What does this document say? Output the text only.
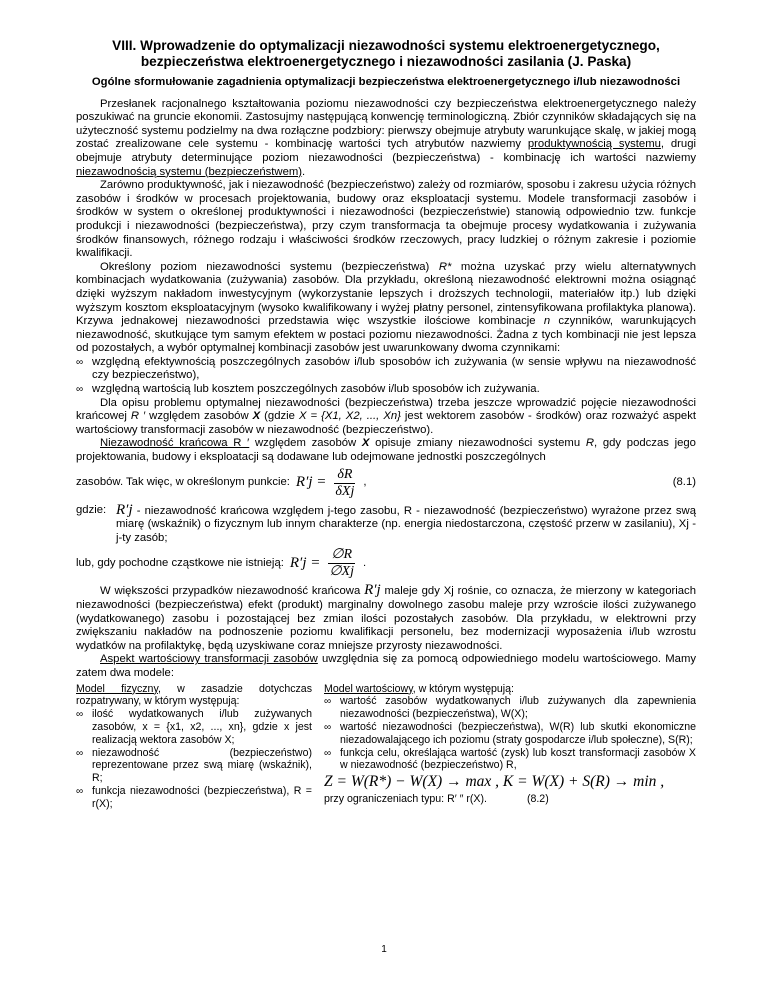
VIII. Wprowadzenie do optymalizacji niezawodności systemu elektroenergetycznego, bezpieczeństwa elektroenergetycznego i niezawodności zasilania (J. Paska)
Ogólne sformułowanie zagadnienia optymalizacji bezpieczeństwa elektroenergetycznego i/lub niezawodności

Przesłanek racjonalnego kształtowania poziomu niezawodności czy bezpieczeństwa elektroenergetycznego należy poszukiwać na gruncie ekonomii. Zastosujmy następującą konwencję terminologiczną. Zbiór czynników składających się na użyteczność systemu podzielmy na dwa rozłączne podzbiory: pierwszy obejmuje atrybuty warunkujące skalę, w jakiej mogą zostać zrealizowane cele systemu - kombinację wartości tych atrybutów nazwiemy produktywnością systemu, drugi obejmuje atrybuty determinujące poziom niezawodności (bezpieczeństwa) - kombinację ich wartości nazwiemy niezawodnością systemu (bezpieczeństwem).

Zarówno produktywność, jak i niezawodność (bezpieczeństwo) zależy od rozmiarów, sposobu i zakresu użycia różnych zasobów i środków w procesach projektowania, budowy oraz eksploatacji systemu. Modele transformacji zasobów i środków w system o określonej produktywności i niezawodności (bezpieczeństwie) stanowią odpowiednio tzw. funkcje produkcji i niezawodności (bezpieczeństwa), przy czym transformacja ta obejmuje procesy wydatkowania i zużywania środków finansowych, różnego rodzaju i właściwości środków rzeczowych, pracy ludzkiej o różnym zakresie i poziomie kwalifikacji.

Określony poziom niezawodności systemu (bezpieczeństwa) R* można uzyskać przy wielu alternatywnych kombinacjach wydatkowania (zużywania) zasobów. Dla przykładu, określoną niezawodność elektrowni można osiągnąć dzięki wyższym nakładom inwestycyjnym (wykorzystanie lepszych i droższych technologii, materiałów itp.) lub dzięki wyższym kosztom eksploatacyjnym (wysoko kwalifikowany i wyżej płatny personel, zintensyfikowana profilaktyka planowa). Krzywa jednakowej niezawodności przedstawia więc wszystkie ilościowe kombinacje n czynników, warunkujących niezawodność, skutkujące tym samym efektem w postaci poziomu niezawodności. Żadna z tych kombinacji nie jest lepsza od pozostałych, a wybór optymalnej kombinacji zasobów jest uwarunkowany dwoma czynnikami:

∞ względną efektywnością poszczególnych zasobów i/lub sposobów ich zużywania (w sensie wpływu na niezawodność czy bezpieczeństwo),
∞ względną wartością lub kosztem poszczególnych zasobów i/lub sposobów ich zużywania.

Dla opisu problemu optymalnej niezawodności (bezpieczeństwa) trzeba jeszcze wprowadzić pojęcie niezawodności krańcowej R ′ względem zasobów X (gdzie X = {X1, X2, ..., Xn} jest wektorem zasobów - środków) oraz rozważyć aspekt wartościowy transformacji zasobów w niezawodność (bezpieczeństwo).

Niezawodność krańcowa R ′ względem zasobów X opisuje zmiany niezawodności systemu R, gdy podczas jego projektowania, budowy i eksploatacji są dodawane lub odejmowane jednostki poszczególnych

zasobów. Tak więc, w określonym punkcie: $R'j = \frac{\delta R}{\text{δXj}}$ ,	(8.1)
gdzie: R′j - niezawodność krańcowa względem j-tego zasobu, R - niezawodność (bezpieczeństwo) wyrażone przez swą miarę (wskaźnik) o fizycznym lub innym charakterze (np. energia niedostarczona, częstość przerw w zasilaniu), Xj - j-ty zasób;
lub, gdy pochodne cząstkowe nie istnieją: $R'j = \frac{\emptyset R}{\emptyset Xj}$ .

W większości przypadków niezawodność krańcowa R′j maleje gdy Xj rośnie, co oznacza, że mierzony w kategoriach niezawodności (bezpieczeństwa) efekt (produkt) marginalny dowolnego zasobu maleje przy wzroście ilości zużywanego (wydatkowanego) zasobu i pozostającej bez zmian ilości pozostałych zasobów. Dla przykładu, w elektrowni przy zwiększaniu nakładów na podnoszenie poziomu kwalifikacji personelu, bez modernizacji wyposażenia i/lub wzrostu wydatków na profilaktykę, będą uzyskiwane coraz mniejsze przyrosty niezawodności.

Aspekt wartościowy transformacji zasobów uwzględnia się za pomocą odpowiedniego modelu wartościowego. Mamy zatem dwa modele:

Model fizyczny, w zasadzie dotychczas rozpatrywany, w którym występują:
∞ ilość wydatkowanych i/lub zużywanych zasobów, x = {x1, x2, ..., xn}, gdzie x jest realizacją wektora zasobów X;
∞ niezawodność (bezpieczeństwo) reprezentowane przez swą miarę (wskaźnik), R;
∞ funkcja niezawodności (bezpieczeństwa), R = r(X);
Model wartościowy, w którym występują:
∞ wartość zasobów wydatkowanych i/lub zużywanych dla zapewnienia niezawodności (bezpieczeństwa), W(X);
∞ wartość niezawodności (bezpieczeństwa), W(R) lub skutki ekonomiczne niezadowalającego ich poziomu (straty gospodarcze i/lub społeczne), S(R);
∞ funkcja celu, określająca wartość (zysk) lub koszt transformacji zasobów X w niezawodność (bezpieczeństwo) R,
Z = W(R*) − W(X) → max , K = W(X) + S(R) → min ,
przy ograniczeniach typu: R′ ″ r(X).	(8.2)
1
